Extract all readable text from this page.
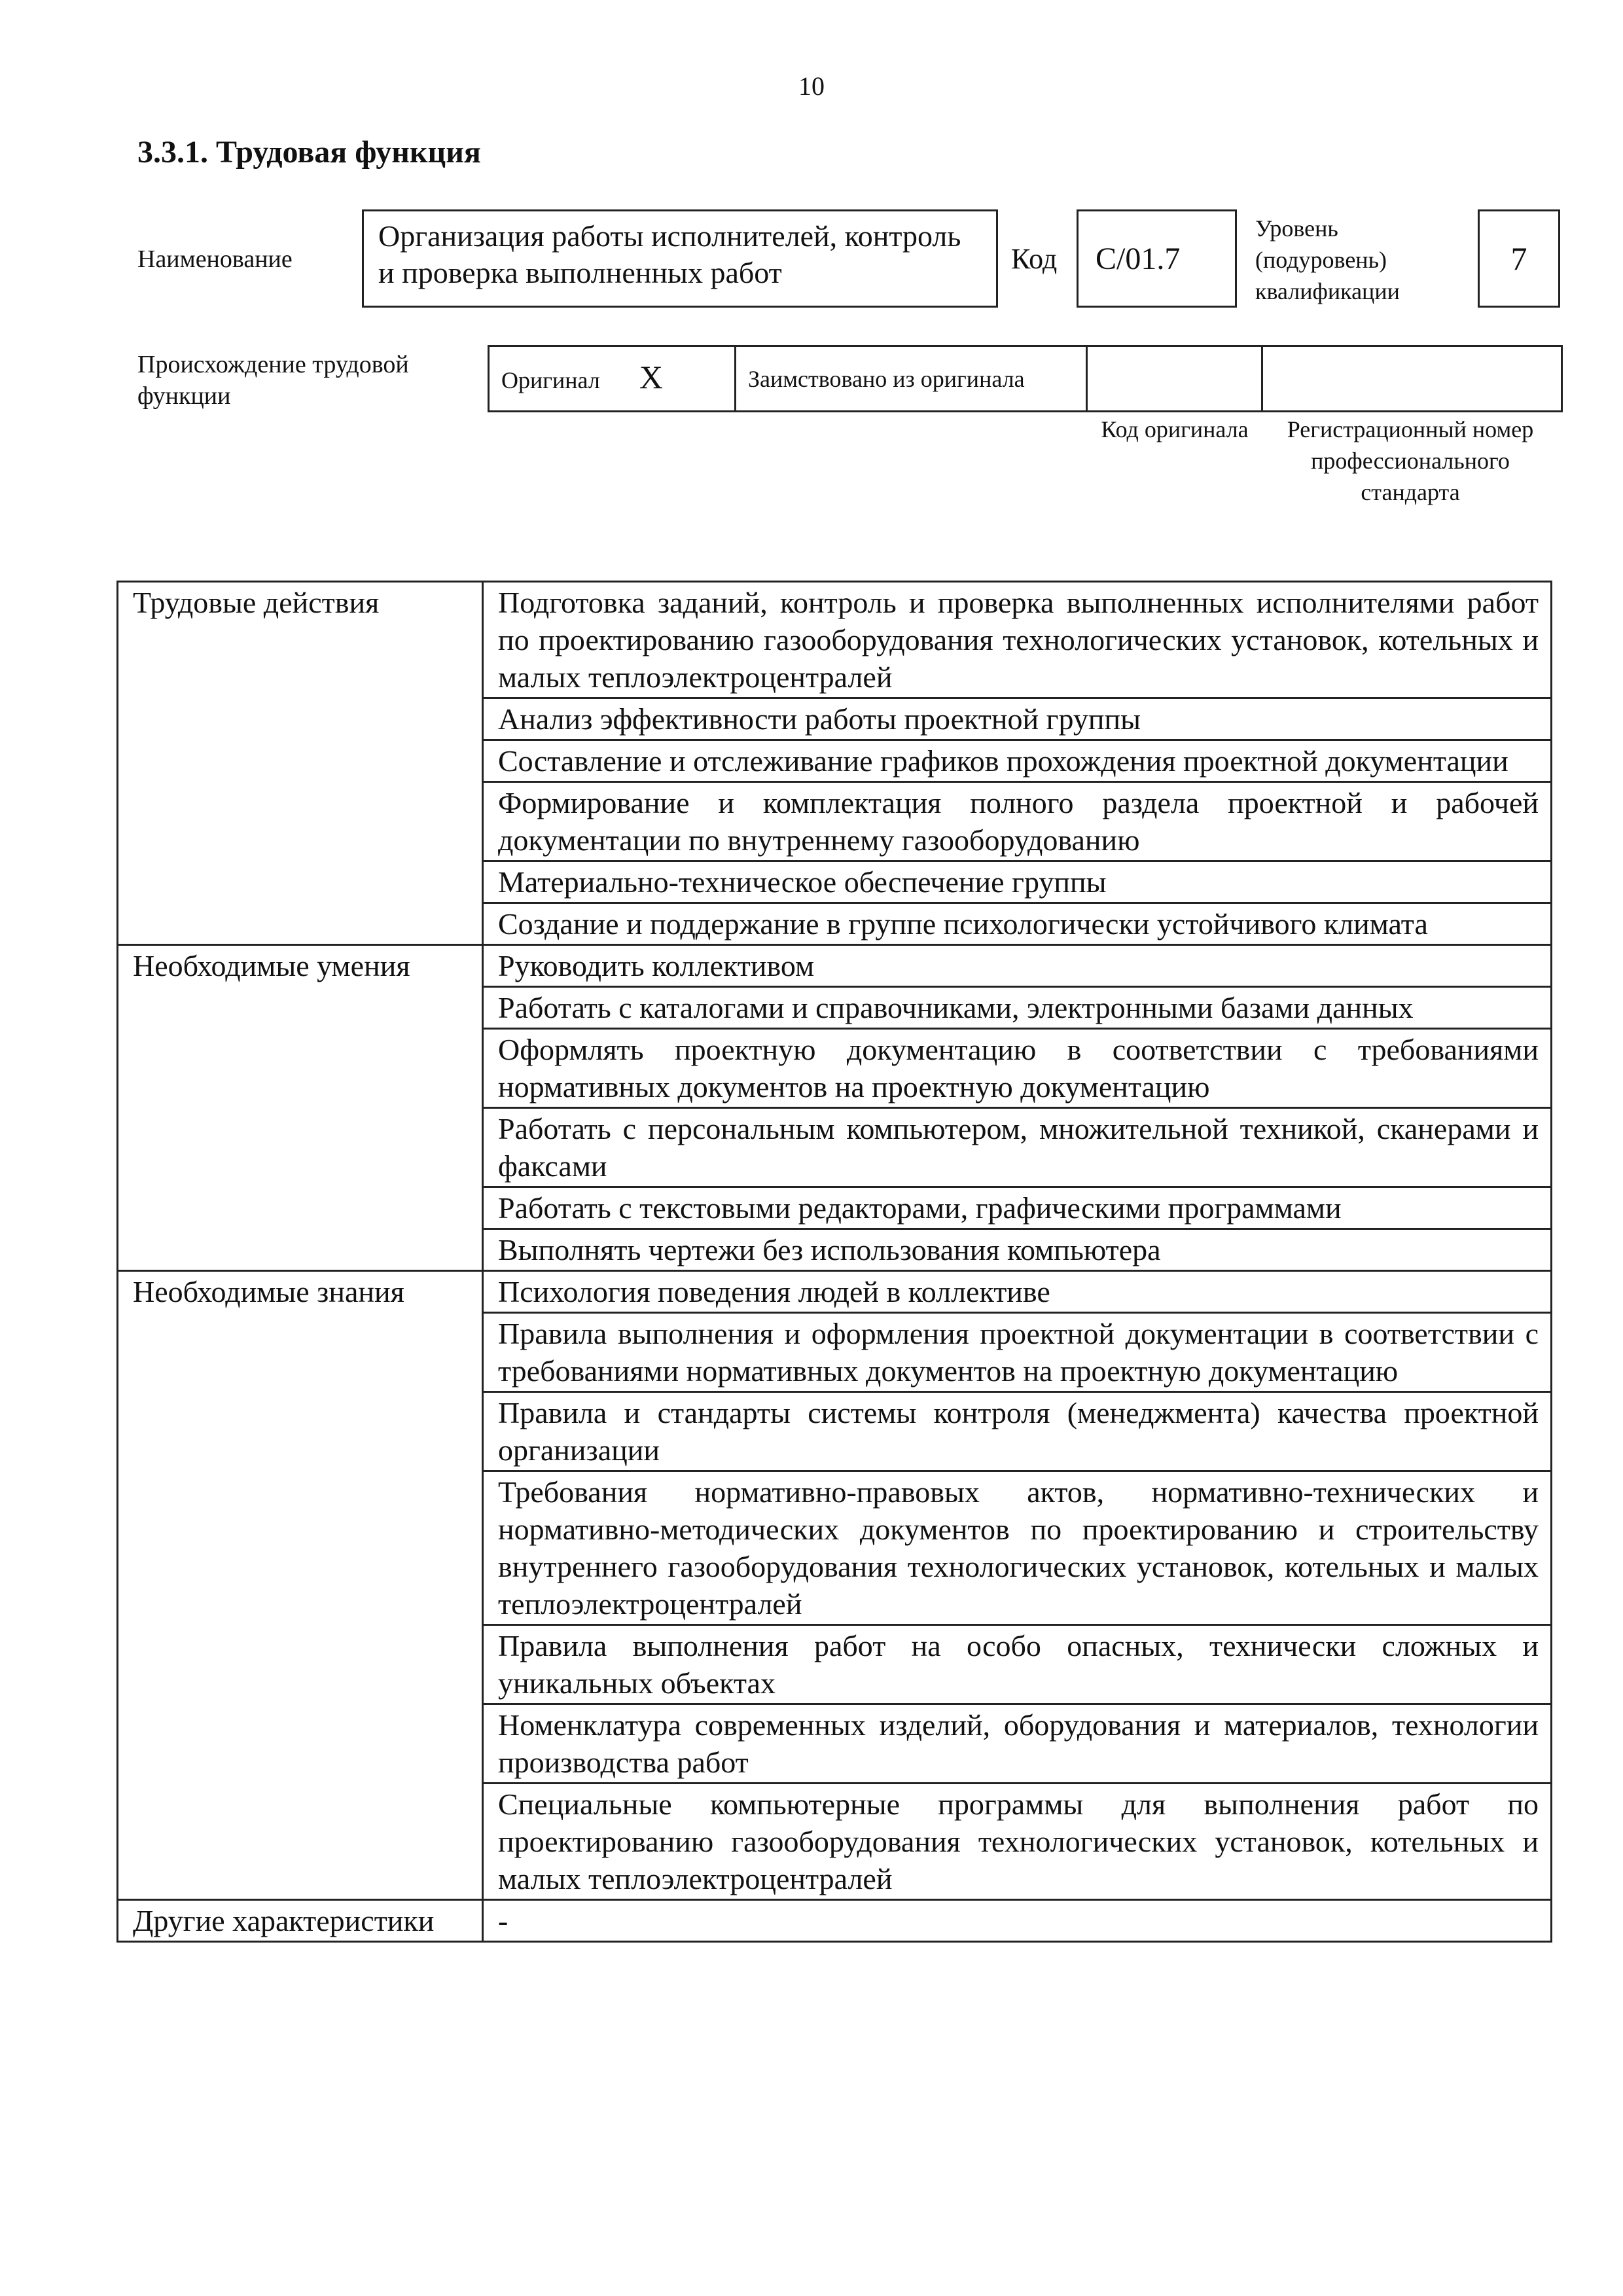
10
3.3.1. Трудовая функция
Наименование
Организация работы исполнителей, контроль и проверка выполненных работ	Код C/01.7
Уровень (подуровень) квалификации
7
Происхождение трудовой функции
Оригинал X	Заимствовано из оригинала		
Код оригинала	Регистрационный номер профессионального стандарта
Трудовые действия	Подготовка заданий, контроль и проверка выполненных исполнителями работ по проектированию газооборудования технологических установок, котельных и малых теплоэлектроцентралей
	Анализ эффективности работы проектной группы
	Составление и отслеживание графиков прохождения проектной документации
	Формирование и комплектация полного раздела проектной и рабочей документации по внутреннему газооборудованию
	Материально-техническое обеспечение группы
	Создание и поддержание в группе психологически устойчивого климата
Необходимые умения	Руководить коллективом
	Работать с каталогами и справочниками, электронными базами данных
	Оформлять проектную документацию в соответствии с требованиями нормативных документов на проектную документацию
	Работать с персональным компьютером, множительной техникой, сканерами и факсами
	Работать с текстовыми редакторами, графическими программами
	Выполнять чертежи без использования компьютера
Необходимые знания	Психология поведения людей в коллективе
	Правила выполнения и оформления проектной документации в соответствии с требованиями нормативных документов на проектную документацию
	Правила и стандарты системы контроля (менеджмента) качества проектной организации
	Требования нормативно-правовых актов, нормативно-технических и нормативно-методических документов по проектированию и строительству внутреннего газооборудования технологических установок, котельных и малых теплоэлектроцентралей
	Правила выполнения работ на особо опасных, технически сложных и уникальных объектах
	Номенклатура современных изделий, оборудования и материалов, технологии производства работ
	Специальные компьютерные программы для выполнения работ по проектированию газооборудования технологических установок, котельных и малых теплоэлектроцентралей
Другие характеристики	-
